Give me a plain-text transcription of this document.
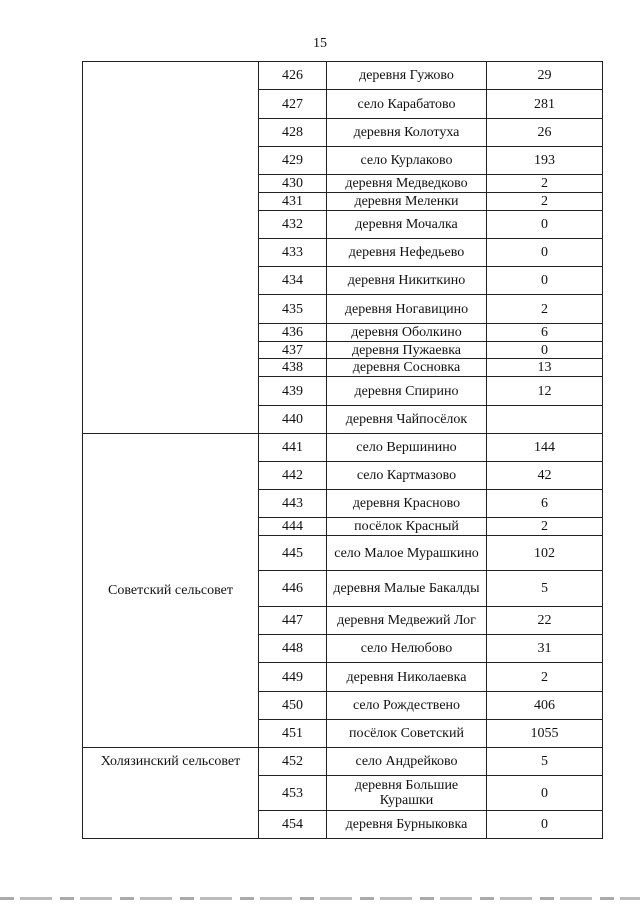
15
	426	деревня Гужово	29
	427	село Карабатово	281
	428	деревня Колотуха	26
	429	село Курлаково	193
	430	деревня Медведково	2
	431	деревня Меленки	2
	432	деревня Мочалка	0
	433	деревня Нефедьево	0
	434	деревня Никиткино	0
	435	деревня Ногавицино	2
	436	деревня Оболкино	6
	437	деревня Пужаевка	0
	438	деревня Сосновка	13
	439	деревня Спирино	12
	440	деревня Чайпосёлок	
Советский сельсовет	441	село Вершинино	144
	442	село Картмазово	42
	443	деревня Красново	6
	444	посёлок Красный	2
	445	село Малое Мурашкино	102
	446	деревня Малые Бакалды	5
	447	деревня Медвежий Лог	22
	448	село Нелюбово	31
	449	деревня Николаевка	2
	450	село Рождествено	406
	451	посёлок Советский	1055
Холязинский сельсовет	452	село Андрейково	5
	453	деревня Большие Курашки	0
	454	деревня Бурныковка	0
